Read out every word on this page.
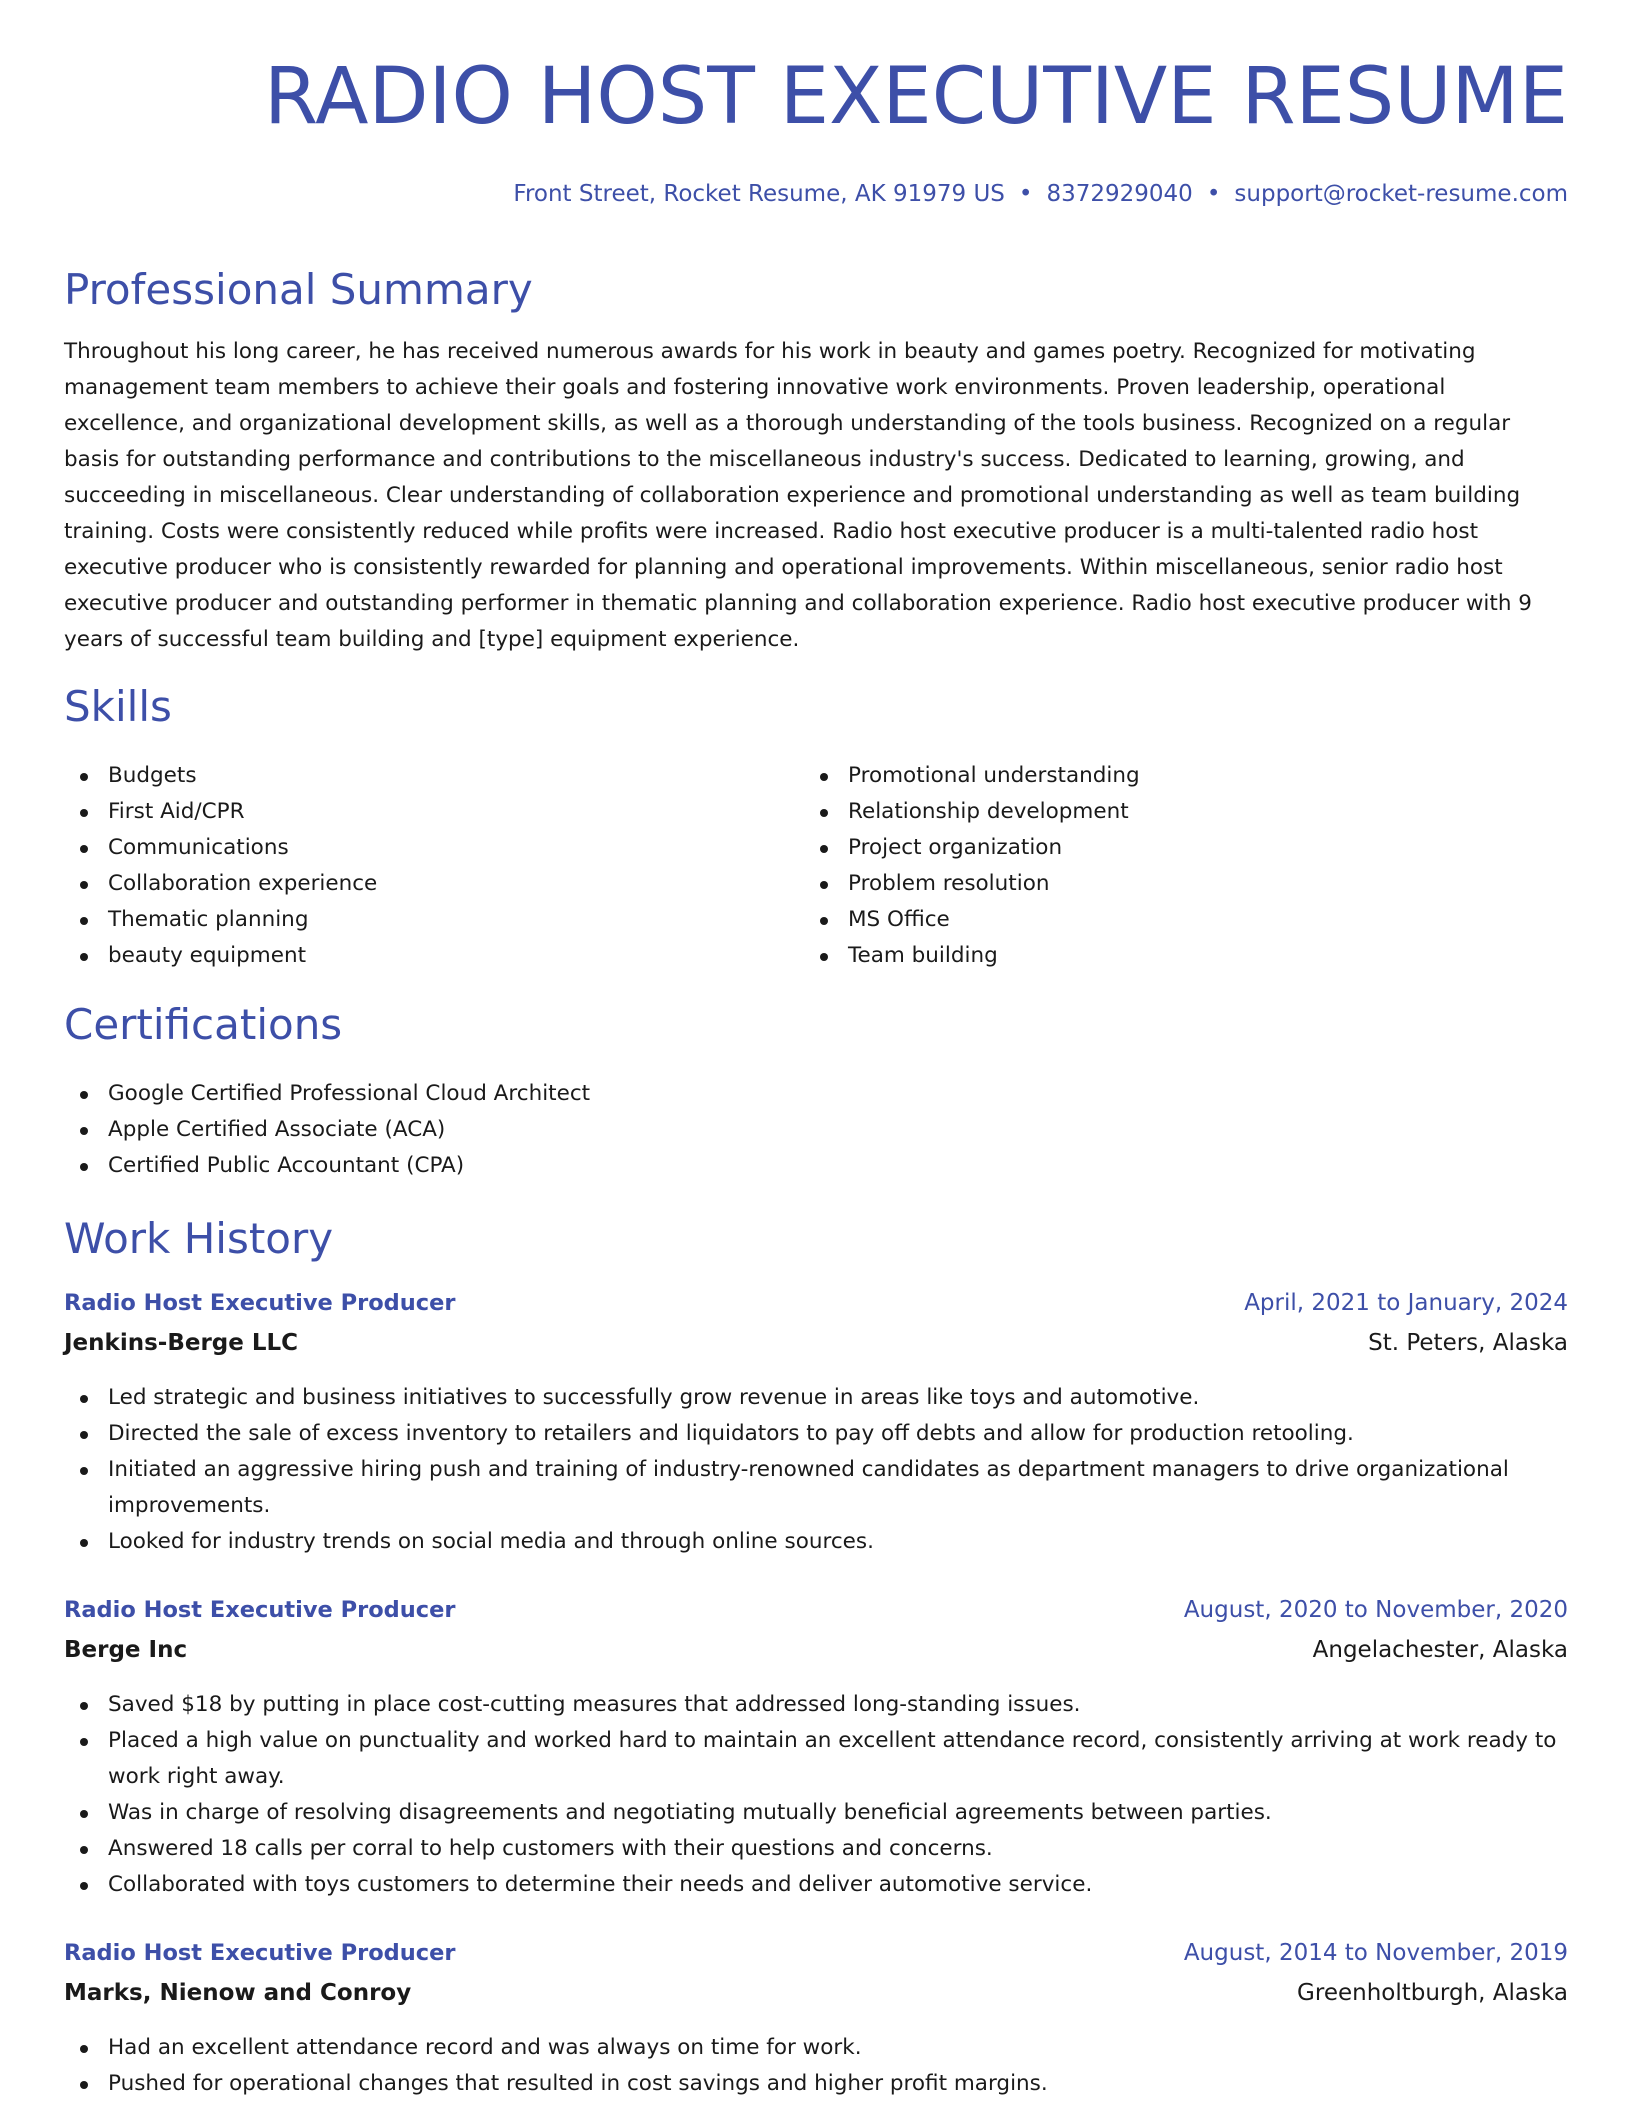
RADIO HOST EXECUTIVE RESUME
Front Street, Rocket Resume, AK 91979 US • 8372929040 • support@rocket-resume.com
Professional Summary

Throughout his long career, he has received numerous awards for his work in beauty and games poetry. Recognized for motivating management team members to achieve their goals and fostering innovative work environments. Proven leadership, operational excellence, and organizational development skills, as well as a thorough understanding of the tools business. Recognized on a regular basis for outstanding performance and contributions to the miscellaneous industry's success. Dedicated to learning, growing, and succeeding in miscellaneous. Clear understanding of collaboration experience and promotional understanding as well as team building training. Costs were consistently reduced while profits were increased. Radio host executive producer is a multi-talented radio host executive producer who is consistently rewarded for planning and operational improvements. Within miscellaneous, senior radio host executive producer and outstanding performer in thematic planning and collaboration experience. Radio host executive producer with 9 years of successful team building and [type] equipment experience.

Skills
Budgets
First Aid/CPR
Communications
Collaboration experience
Thematic planning
beauty equipment
Promotional understanding
Relationship development
Project organization
Problem resolution
MS Office
Team building
Certifications
Google Certified Professional Cloud Architect
Apple Certified Associate (ACA)
Certified Public Accountant (CPA)
Work History
Radio Host Executive Producer	April, 2021 to January, 2024
Jenkins-Berge LLC	St. Peters, Alaska
Led strategic and business initiatives to successfully grow revenue in areas like toys and automotive.
Directed the sale of excess inventory to retailers and liquidators to pay off debts and allow for production retooling.
Initiated an aggressive hiring push and training of industry-renowned candidates as department managers to drive organizational improvements.
Looked for industry trends on social media and through online sources.
Radio Host Executive Producer	August, 2020 to November, 2020
Berge Inc	Angelachester, Alaska
Saved $18 by putting in place cost-cutting measures that addressed long-standing issues.
Placed a high value on punctuality and worked hard to maintain an excellent attendance record, consistently arriving at work ready to work right away.
Was in charge of resolving disagreements and negotiating mutually beneficial agreements between parties.
Answered 18 calls per corral to help customers with their questions and concerns.
Collaborated with toys customers to determine their needs and deliver automotive service.
Radio Host Executive Producer	August, 2014 to November, 2019
Marks, Nienow and Conroy	Greenholtburgh, Alaska
Had an excellent attendance record and was always on time for work.
Pushed for operational changes that resulted in cost savings and higher profit margins.
